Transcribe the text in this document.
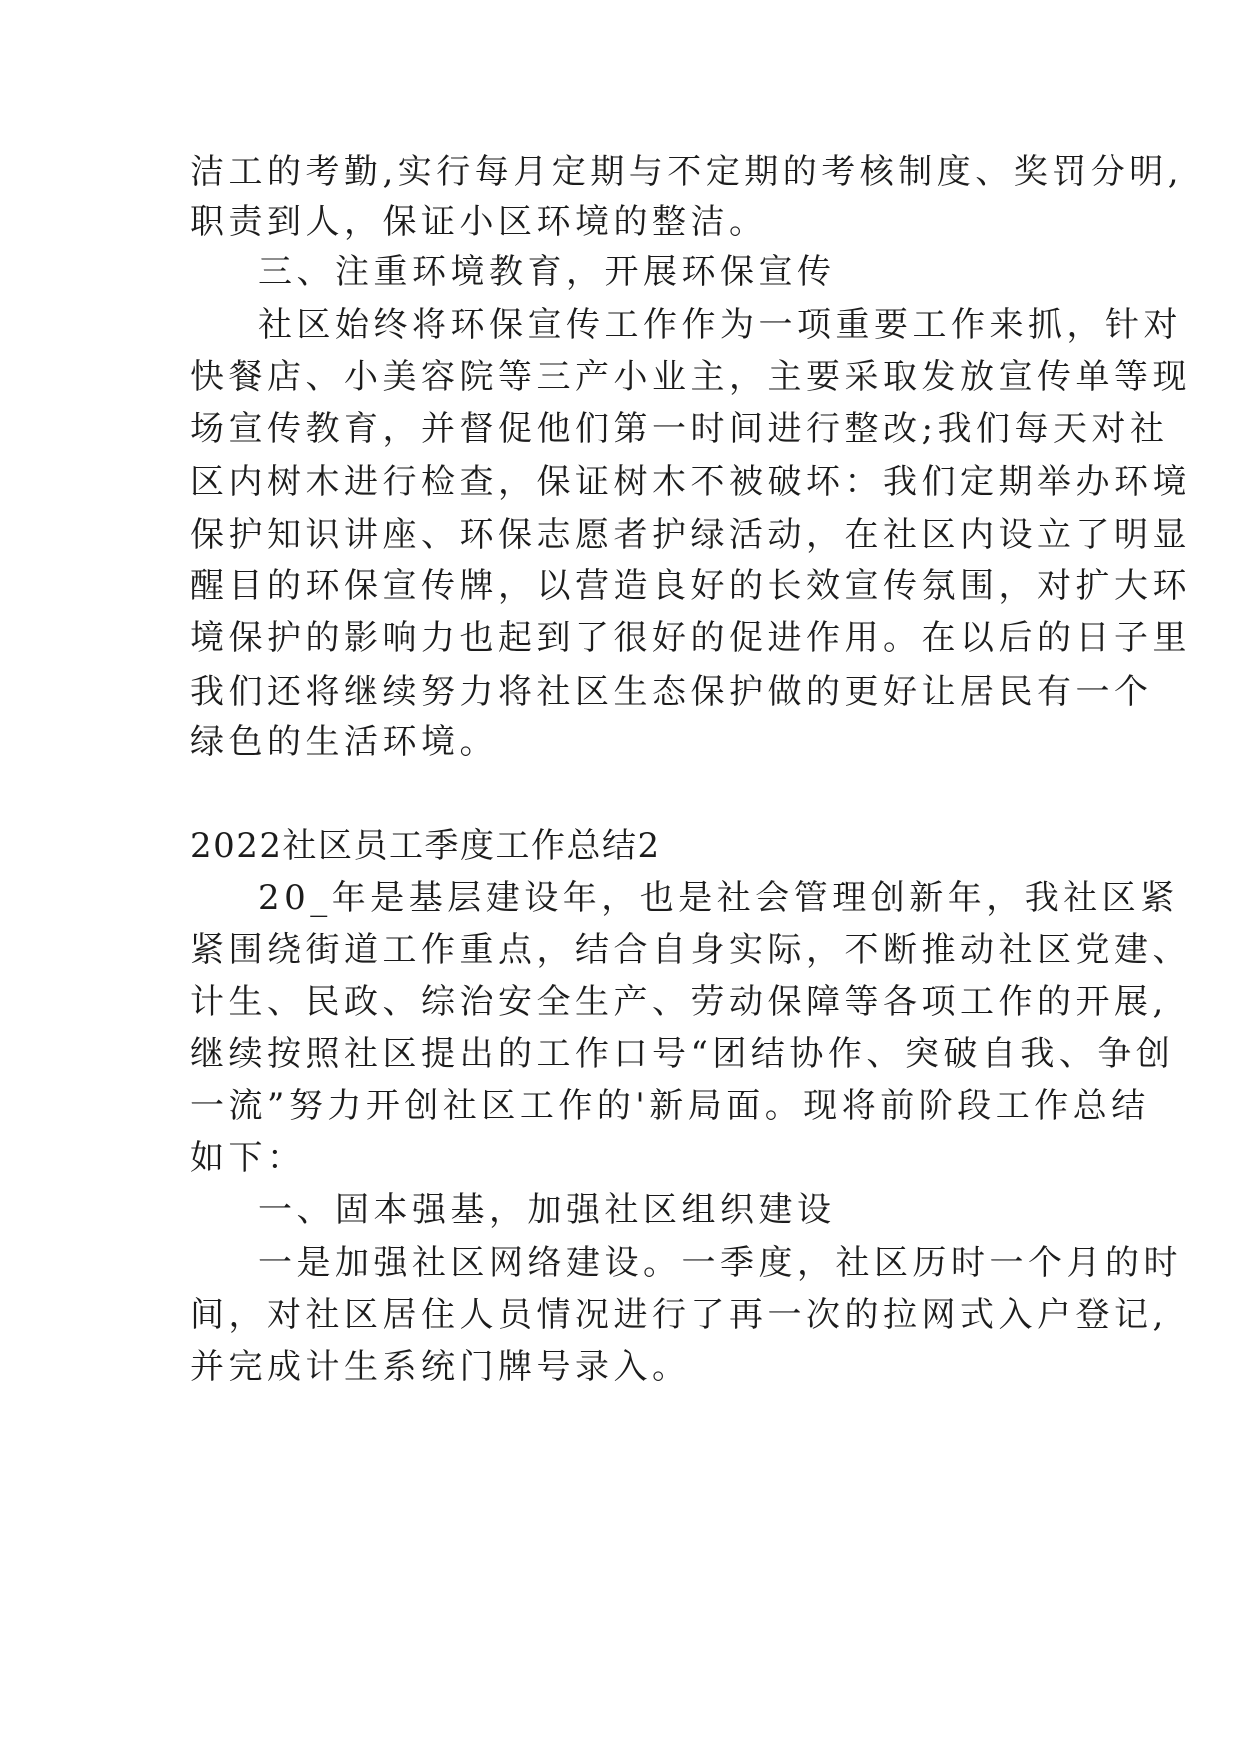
洁工的考勤,实行每月定期与不定期的考核制度、奖罚分明,
职责到人，保证小区环境的整洁。
三、注重环境教育，开展环保宣传
社区始终将环保宣传工作作为一项重要工作来抓，针对
快餐店、小美容院等三产小业主，主要采取发放宣传单等现
场宣传教育，并督促他们第一时间进行整改;我们每天对社
区内树木进行检查，保证树木不被破坏：我们定期举办环境
保护知识讲座、环保志愿者护绿活动，在社区内设立了明显
醒目的环保宣传牌，以营造良好的长效宣传氛围，对扩大环
境保护的影响力也起到了很好的促进作用。在以后的日子里
我们还将继续努力将社区生态保护做的更好让居民有一个
绿色的生活环境。
2022社区员工季度工作总结2
20_年是基层建设年，也是社会管理创新年，我社区紧
紧围绕街道工作重点，结合自身实际，不断推动社区党建、
计生、民政、综治安全生产、劳动保障等各项工作的开展,
继续按照社区提出的工作口号“团结协作、突破自我、争创
一流”努力开创社区工作的'新局面。现将前阶段工作总结
如下：
一、固本强基，加强社区组织建设
一是加强社区网络建设。一季度，社区历时一个月的时
间，对社区居住人员情况进行了再一次的拉网式入户登记,
并完成计生系统门牌号录入。
